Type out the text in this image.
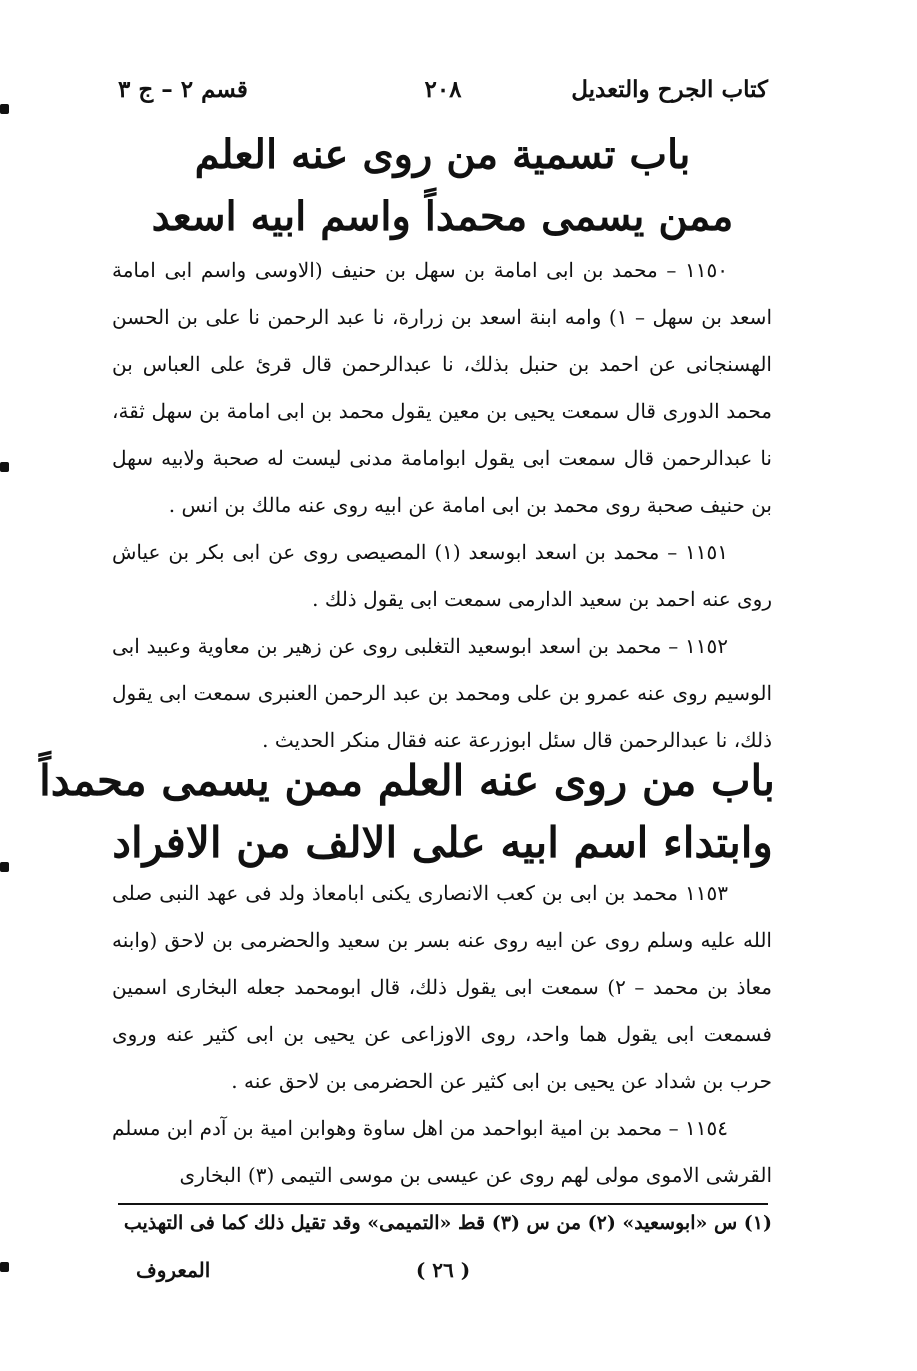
كتاب الجرح والتعديل
٢٠٨
قسم ٢ – ج ٣
باب تسمية من روى عنه العلم
ممن يسمى محمداً واسم ابيه اسعد

١١٥٠ – محمد بن ابى امامة بن سهل بن حنيف (الاوسى واسم ابى امامة اسعد بن سهل – ١) وامه ابنة اسعد بن زرارة، نا عبد الرحمن نا على بن الحسن الهسنجانى عن احمد بن حنبل بذلك، نا عبدالرحمن قال قرئ على العباس بن محمد الدورى قال سمعت يحيى بن معين يقول محمد بن ابى امامة بن سهل ثقة، نا عبدالرحمن قال سمعت ابى يقول ابوامامة مدنى ليست له صحبة ولابيه سهل بن حنيف صحبة روى محمد بن ابى امامة عن ابيه روى عنه مالك بن انس .

١١٥١ – محمد بن اسعد ابوسعد (١) المصيصى روى عن ابى بكر بن عياش روى عنه احمد بن سعيد الدارمى سمعت ابى يقول ذلك .

١١٥٢ – محمد بن اسعد ابوسعيد التغلبى روى عن زهير بن معاوية وعبيد ابى الوسيم روى عنه عمرو بن على ومحمد بن عبد الرحمن العنبرى سمعت ابى يقول ذلك، نا عبدالرحمن قال سئل ابوزرعة عنه فقال منكر الحديث .

باب من روى عنه العلم ممن يسمى محمداً
وابتداء اسم ابيه على الالف من الافراد

١١٥٣ محمد بن ابى بن كعب الانصارى يكنى ابامعاذ ولد فى عهد النبى صلى الله عليه وسلم روى عن ابيه روى عنه بسر بن سعيد والحضرمى بن لاحق (وابنه معاذ بن محمد – ٢) سمعت ابى يقول ذلك، قال ابومحمد جعله البخارى اسمين فسمعت ابى يقول هما واحد، روى الاوزاعى عن يحيى بن ابى كثير عنه وروى حرب بن شداد عن يحيى بن ابى كثير عن الحضرمى بن لاحق عنه .

١١٥٤ – محمد بن امية ابواحمد من اهل ساوة وهوابن امية بن آدم ابن مسلم القرشى الاموى مولى لهم روى عن عيسى بن موسى التيمى (٣) البخارى

(١) س «ابوسعيد» (٢) من س (٣) قط «التميمى» وقد تقيل ذلك كما فى التهذيب
( ٢٦ )
المعروف
